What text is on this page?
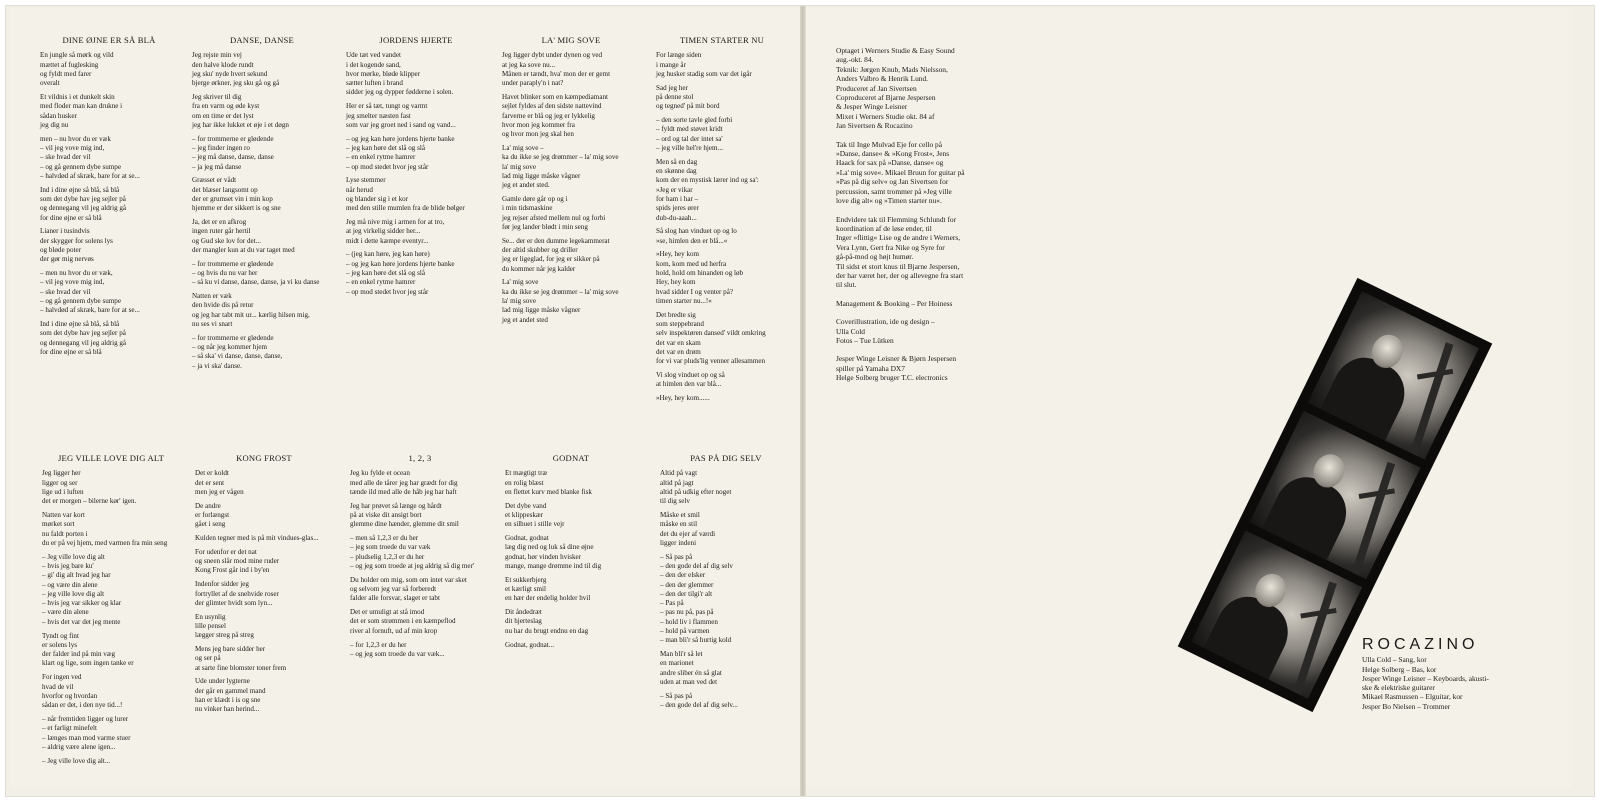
DINE ØJNE ER SÅ BLÅ
En jungle så mørk og vild
mættet af fuglesking
og fyldt med farer
overalt
Et vildnis i et dunkelt skin
med floder man kan drukne i
sådan husker
jeg dig nu
men – nu hvor du er væk
– vil jeg vove mig ind,
– ske hvad der vil
– og gå gennem dybe sumpe
– halvdød af skræk, bare for at se...
Ind i dine øjne så blå, så blå
som det dybe hav jeg sejler på
og dennegang vil jeg aldrig gå
for dine øjne er så blå
Lianer i tusindvis
der skygger for solens lys
og bløde poter
der gør mig nervøs
– men nu hvor du er væk,
– vil jeg vove mig ind,
– ske hvad der vil
– og gå gennem dybe sumpe
– halvdød af skræk, bare for at se...
Ind i dine øjne så blå, så blå
som det dybe hav jeg sejler på
og dennegang vil jeg aldrig gå
for dine øjne er så blå
DANSE, DANSE
Jeg rejste min vej
den halve klode rundt
jeg sku' nyde hvert sekund
bjerge ørkner, jeg sku gå og gå
Jeg skriver til dig
fra en varm og øde kyst
om en time er det lyst
jeg har ikke lukket et øje i et døgn
– for trommerne er glødende
– jeg finder ingen ro
– jeg må danse, danse, danse
– ja jeg må danse
Græsset er vådt
det blæser langsomt op
der er grumset vin i min kop
hjemme er der sikkert is og sne
Ja, det er en afkrog
ingen ruter går hertil
og Gud ske lov for det...
der mangler kun at du var taget med
– for trommerne er glødende
– og hvis du nu var her
– så ku vi danse, danse, danse, ja vi ku danse
Natten er væk
den hvide dis på retur
og jeg har tabt mit ur... kærlig hilsen mig,
nu ses vi snart
– for trommerne er glødende
– og når jeg kommer hjem
– så ska' vi danse, danse, danse,
– ja vi ska' danse.
JORDENS HJERTE
Ude tæt ved vandet
i det kogende sand,
hvor mørke, bløde klipper
sætter luften i brand
sidder jeg og dypper fødderne i solen.
Her er så tæt, tungt og varmt
jeg smelter næsten fast
som var jeg groet ned i sand og vand...
– og jeg kan høre jordens hjerte banke
– jeg kan høre det slå og slå
– en enkel rytme hamrer
– op mod stedet hvor jeg står
Lyse stemmer
når herud
og blander sig i et kor
med den stille mumlen fra de blide bølger
Jeg må nive mig i armen for at tro,
at jeg virkelig sidder her...
midt i dette kæmpe eventyr...
– (jeg kan høre, jeg kan høre)
– og jeg kan høre jordens hjerte banke
– jeg kan høre det slå og slå
– en enkel rytme hamrer
– op mod stedet hvor jeg står
LA' MIG SOVE
Jeg ligger dybt under dynen og ved
at jeg ka sove nu...
Månen er tændt, hva' mon der er gemt
under paraply'n i nat?
Havet blinker som en kæmpediamant
sejlet fyldes af den sidste nattevind
farverne er blå og jeg er lykkelig
hvor mon jeg kommer fra
og hvor mon jeg skal hen
La' mig sove –
ka du ikke se jeg drømmer – la' mig sove
la' mig sove
lad mig ligge måske vågner
jeg et andet sted.
Gamle døre går op og i
i min tidsmaskine
jeg rejser afsted mellem nul og forbi
før jeg lander blødt i min seng
Se... der er den dumme legekammerat
der altid skubber og driller
jeg er ligeglad, for jeg er sikker på
du kommer når jeg kalder
La' mig sove
ka du ikke se jeg drømmer – la' mig sove
la' mig sove
lad mig ligge måske vågner
jeg et andet sted
TIMEN STARTER NU
For længe siden
i mange år
jeg husker stadig som var det igår
Sad jeg her
på denne stol
og tegned' på mit bord
– den sorte tavle gled forbi
– fyldt med støvet kridt
– ord og tal der intet sa'
– jeg ville hel're hjem...
Men så en dag
en skønne dag
kom der en mystisk lærer ind og sa':
»Jeg er vikar
for ham i har –
spids jeres ører
dub-du-aaah...
Så slog han vinduet op og lo
»se, himlen den er blå...«
»Hey, hey kom
kom, kom med ud herfra
hold, hold om hinanden og løb
Hey, hey kom
hvad sidder I og venter på?
timen starter nu...!«
Det bredte sig
som steppebrand
selv inspektøren dansed' vildt omkring
det var en skam
det var en drøm
for vi var pluds'lig venner allesammen
Vi slog vinduet op og så
at himlen den var blå...
»Hey, hey kom......
JEG VILLE LOVE DIG ALT
Jeg ligger her
ligger og ser
lige ud i luften
det er morgen – bilerne kør' igen.
Natten var kort
mørket sort
nu faldt porten i
du er på vej hjem, med varmen fra min seng
– Jeg ville love dig alt
– hvis jeg bare ku'
– gi' dig alt hvad jeg har
– og være din alene
– jeg ville love dig alt
– hvis jeg var sikker og klar
– være din alene
– hvis det var det jeg mente
Tyndt og fint
er solens lys
der falder ind på min væg
klart og lige, som ingen tanke er
For ingen ved
hvad de vil
hvorfor og hvordan
sådan er det, i den nye tid...!
– når fremtiden ligger og lurer
– et farligt minefelt
– længes man mod varme stuer
– aldrig være alene igen...
– Jeg ville love dig alt...
KONG FROST
Det er koldt
det er sent
men jeg er vågen
De andre
er forlængst
gået i seng
Kulden tegner med is på mit vindues-glas...
For udenfor er det nat
og sneen slår mod mine ruder
Kong Frost går ind i by'en
Indenfor sidder jeg
fortryllet af de snehvide roser
der glimter hvidt som lyn...
En usynlig
lille pensel
lægger streg på streg
Mens jeg bare sidder her
og ser på
at sarte fine blomster toner frem
Ude under lygterne
der går en gammel mand
han er klædt i is og sne
nu vinker han herind...
1, 2, 3
Jeg ku fylde et ocean
med alle de tårer jeg har grædt for dig
tænde ild med alle de håb jeg har haft
Jeg har prøvet så længe og hårdt
på at viske dit ansigt bort
glemme dine hænder, glemme dit smil
– men så 1,2,3 er du her
– jeg som troede du var væk
– pludselig 1,2,3 er du her
– og jeg som troede at jeg aldrig så dig mer'
Du holder om mig, som om intet var sket
og selvom jeg var så forberedt
falder alle forsvar, slaget er tabt
Det er umuligt at stå imod
det er som strømmen i en kæmpeflod
river al fornuft, ud af min krop
– for 1,2,3 er du her
– og jeg som troede du var væk...
GODNAT
Et mægtigt træ
en rolig blæst
en flettet kurv med blanke fisk
Det dybe vand
et klippeskær
en silhuet i stille vejr
Godnat, godnat
læg dig ned og luk så dine øjne
godnat, hør vinden hvisker
mange, mange drømme ind til dig
Et sukkerbjerg
et kærligt smil
en hær der endelig holder hvil
Dit åndedræt
dit hjerteslag
nu har du brugt endnu en dag
Godnat, godnat...
PAS PÅ DIG SELV
Altid på vagt
altid på jagt
altid på udkig efter noget
til dig selv
Måske et smil
måske en stil
det du ejer af værdi
ligger indeni
– Så pas på
– den gode del af dig selv
– den der elsker
– den der glemmer
– den der tilgi'r alt
– Pas på
– pas nu på, pas på
– hold liv i flammen
– hold på varmen
– man bli'r så hurtig kold
Man bli'r så let
en marionet
andre sliber én så glat
uden at man ved det
– Så pas på
– den gode del af dig selv...

Optaget i Werners Studie & Easy Sound
aug.-okt. 84.
Teknik: Jørgen Knub, Mads Nielsson,
Anders Valbro & Henrik Lund.
Produceret af Jan Sivertsen
Coproduceret af Bjarne Jespersen
& Jesper Winge Leisner
Mixet i Werners Studie okt. 84 af
Jan Sivertsen & Rocazino

Tak til Inge Mulvad Eje for cello på
»Danse, danse« & »Kong Frost«, Jens
Haack for sax på »Danse, danse« og
»La' mig sove«. Mikael Bruun for guitar på
»Pas på dig selv« og Jan Sivertsen for
percussion, samt trommer på »Jeg ville
love dig alt« og »Timen starter nu«.

Endvidere tak til Flemming Schlundt for
koordination af de løse ender, til
Inger »flittig« Lise og de andre i Werners,
Vera Lynn, Gert fra Nike og Syre for
gå-på-mod og højt humør.
Til sidst et stort knus til Bjarne Jespersen,
der har været her, der og allevegne fra start
til slut.

Management & Booking – Per Hoiness

Coverillustration, ide og design –
Ulla Cold
Fotos – Tue Lütken

Jesper Winge Leisner & Bjørn Jespersen
spiller på Yamaha DX7
Helge Solberg bruger T.C. electronics

ROCAZINO

Ulla Cold – Sang, kor

Helge Solberg – Bas, kor

Jesper Winge Leisner – Keyboards, akusti-
ske & elektriske guitarer

Mikael Rasmussen – Elguitar, kor

Jesper Bo Nielsen – Trommer
